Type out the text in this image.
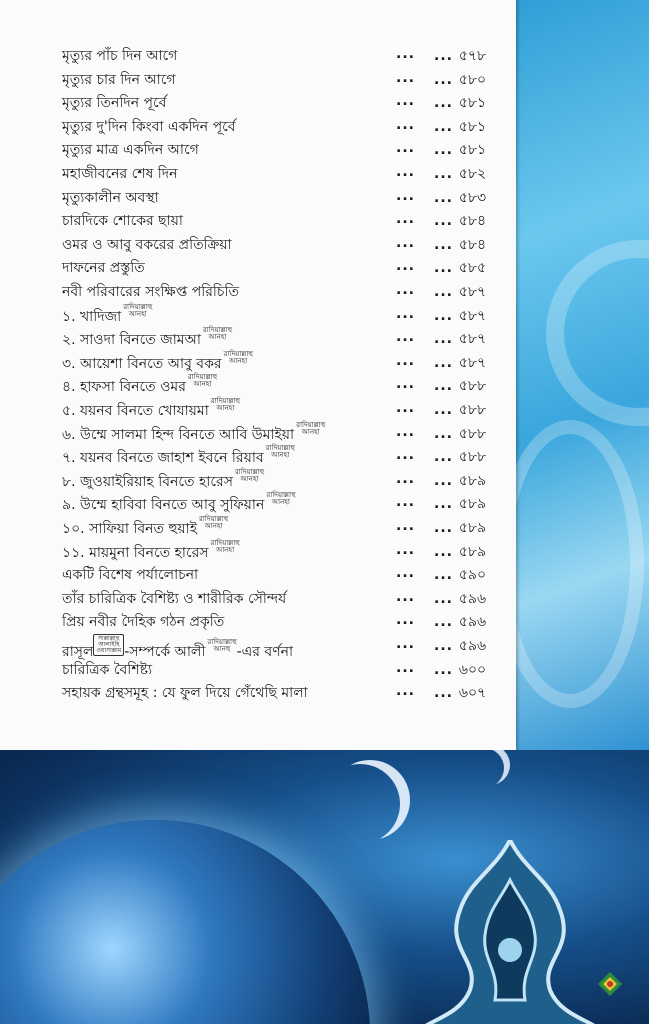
মৃত্যুর পাঁচ দিন আগে	... ... ৫৭৮
মৃত্যুর চার দিন আগে	... ... ৫৮০
মৃত্যুর তিনদিন পূর্বে	... ... ৫৮১
মৃত্যুর দু'দিন কিংবা একদিন পূর্বে	... ... ৫৮১
মৃত্যুর মাত্র একদিন আগে	... ... ৫৮১
মহাজীবনের শেষ দিন	... ... ৫৮২
মৃত্যুকালীন অবস্থা	... ... ৫৮৩
চারদিকে শোকের ছায়া	... ... ৫৮৪
ওমর ও আবু বকরের প্রতিক্রিয়া	... ... ৫৮৪
দাফনের প্রস্তুতি	... ... ৫৮৫
নবী পরিবারের সংক্ষিপ্ত পরিচিতি	... ... ৫৮৭
১. খাদিজা
রাদিয়াল্লাহু
আনহা	... ... ৫৮৭
২. সাওদা বিনতে জামআ
রাদিয়াল্লাহু
আনহা	... ... ৫৮৭
৩. আয়েশা বিনতে আবু বকর
রাদিয়াল্লাহু
আনহা	... ... ৫৮৭
৪. হাফসা বিনতে ওমর
রাদিয়াল্লাহু
আনহা	... ... ৫৮৮
৫. যয়নব বিনতে খোযায়মা
রাদিয়াল্লাহু
আনহা	... ... ৫৮৮
৬. উম্মে সালমা হিন্দ বিনতে আবি উমাইয়া
রাদিয়াল্লাহু
আনহা	... ... ৫৮৮
৭. যয়নব বিনতে জাহাশ ইবনে রিয়াব
রাদিয়াল্লাহু
আনহা	... ... ৫৮৮
৮. জুওয়াইরিয়াহ বিনতে হারেস
রাদিয়াল্লাহু
আনহা	... ... ৫৮৯
৯. উম্মে হাবিবা বিনতে আবু সুফিয়ান
রাদিয়াল্লাহু
আনহা	... ... ৫৮৯
১০. সাফিয়া বিনত হুয়াই
রাদিয়াল্লাহু
আনহা	... ... ৫৮৯
১১. মায়মুনা বিনতে হারেস
রাদিয়াল্লাহু
আনহা	... ... ৫৮৯
একটি বিশেষ পর্যালোচনা	... ... ৫৯০
তাঁর চারিত্রিক বৈশিষ্ট্য ও শারীরিক সৌন্দর্য	... ... ৫৯৬
প্রিয় নবীর দৈহিক গঠন প্রকৃতি	... ... ৫৯৬
রাসূল
সাল্লাল্লাহু
আলাইহি
ওয়াসাল্লাম -সম্পর্কে আলী
রাদিয়াল্লাহু
আনহু -এর বর্ণনা	... ... ৫৯৬
চারিত্রিক বৈশিষ্ট্য	... ... ৬০০
সহায়ক গ্রন্থসমূহ : যে ফুল দিয়ে গেঁথেছি মালা	... ... ৬০৭
